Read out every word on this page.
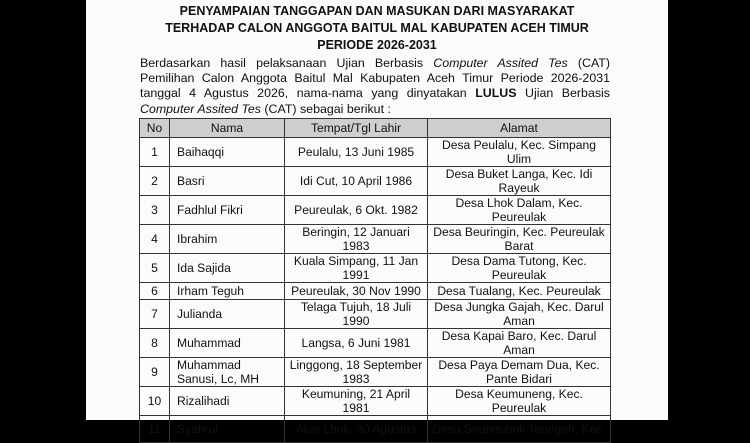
PENYAMPAIAN TANGGAPAN DAN MASUKAN DARI MASYARAKAT
TERHADAP CALON ANGGOTA BAITUL MAL KABUPATEN ACEH TIMUR
PERIODE 2026-2031
Berdasarkan hasil pelaksanaan Ujian Berbasis Computer Assited Tes (CAT) Pemilihan Calon Anggota Baitul Mal Kabupaten Aceh Timur Periode 2026-2031 tanggal 4 Agustus 2026, nama-nama yang dinyatakan LULUS Ujian Berbasis Computer Assited Tes (CAT) sebagai berikut :
No	Nama	Tempat/Tgl Lahir	Alamat
1	Baihaqqi	Peulalu, 13 Juni 1985	Desa Peulalu, Kec. Simpang Ulim
2	Basri	Idi Cut, 10 April 1986	Desa Buket Langa, Kec. Idi Rayeuk
3	Fadhlul Fikri	Peureulak, 6 Okt. 1982	Desa Lhok Dalam, Kec. Peureulak
4	Ibrahim	Beringin, 12 Januari 1983	Desa Beuringin, Kec. Peureulak Barat
5	Ida Sajida	Kuala Simpang, 11 Jan 1991	Desa Dama Tutong, Kec. Peureulak
6	Irham Teguh	Peureulak, 30 Nov 1990	Desa Tualang, Kec. Peureulak
7	Julianda	Telaga Tujuh, 18 Juli 1990	Desa Jungka Gajah, Kec. Darul Aman
8	Muhammad	Langsa, 6 Juni 1981	Desa Kapai Baro, Kec. Darul Aman
9	Muhammad Sanusi, Lc, MH	Linggong, 18 September 1983	Desa Paya Demam Dua, Kec. Pante Bidari
10	Rizalihadi	Keumuning, 21 April 1981	Desa Keumuneng, Kec. Peureulak
11	Syahrul	Alue Lhok, 30 Agustus	Desa Seuneubok Teungoh, Kec.
